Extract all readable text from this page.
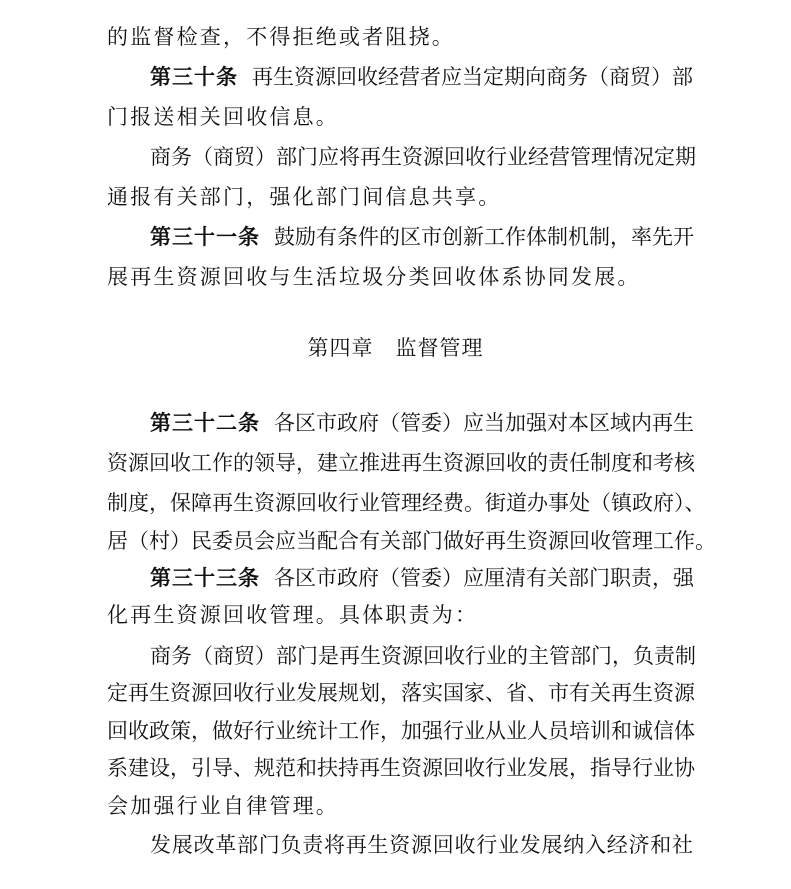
的监督检查，不得拒绝或者阻挠。
第三十条 再生资源回收经营者应当定期向商务（商贸）部
门报送相关回收信息。
商务（商贸）部门应将再生资源回收行业经营管理情况定期
通报有关部门，强化部门间信息共享。
第三十一条 鼓励有条件的区市创新工作体制机制，率先开
展再生资源回收与生活垃圾分类回收体系协同发展。
第四章 监督管理
第三十二条 各区市政府（管委）应当加强对本区域内再生
资源回收工作的领导，建立推进再生资源回收的责任制度和考核
制度，保障再生资源回收行业管理经费。街道办事处（镇政府）、
居（村）民委员会应当配合有关部门做好再生资源回收管理工作。
第三十三条 各区市政府（管委）应厘清有关部门职责，强
化再生资源回收管理。具体职责为：
商务（商贸）部门是再生资源回收行业的主管部门，负责制
定再生资源回收行业发展规划，落实国家、省、市有关再生资源
回收政策，做好行业统计工作，加强行业从业人员培训和诚信体
系建设，引导、规范和扶持再生资源回收行业发展，指导行业协
会加强行业自律管理。
发展改革部门负责将再生资源回收行业发展纳入经济和社
